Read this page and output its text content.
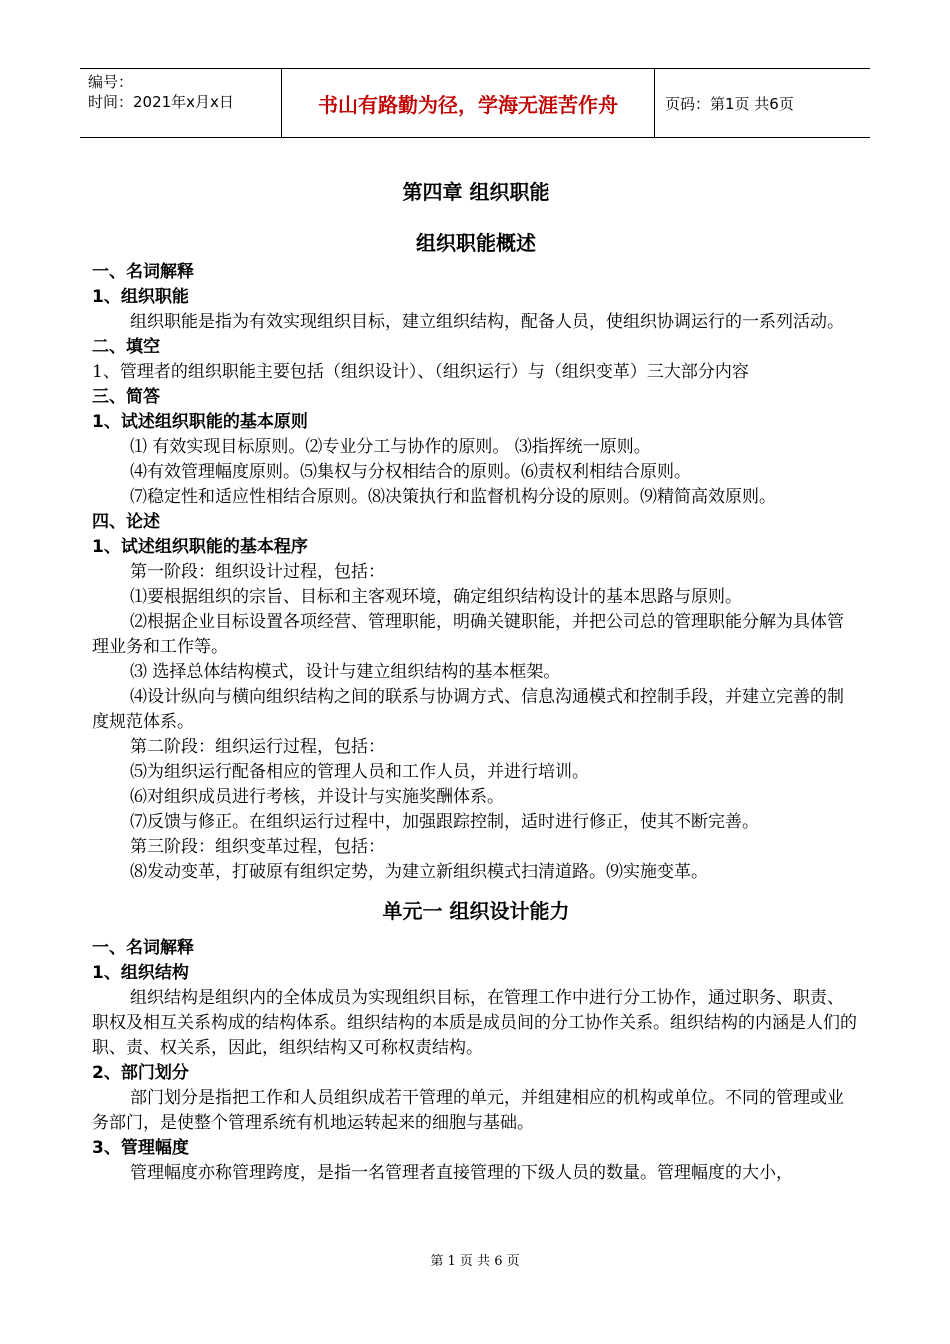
编号：
时间：2021年x月x日	书山有路勤为径，学海无涯苦作舟	页码：第1页 共6页

第四章 组织职能

组织职能概述

一、名词解释

1、组织职能

组织职能是指为有效实现组织目标，建立组织结构，配备人员，使组织协调运行的一系列活动。

二、填空

1、管理者的组织职能主要包括（组织设计）、（组织运行）与（组织变革）三大部分内容

三、简答

1、试述组织职能的基本原则

⑴ 有效实现目标原则。⑵专业分工与协作的原则。 ⑶指挥统一原则。

⑷有效管理幅度原则。⑸集权与分权相结合的原则。⑹责权利相结合原则。

⑺稳定性和适应性相结合原则。⑻决策执行和监督机构分设的原则。⑼精简高效原则。

四、论述

1、试述组织职能的基本程序

第一阶段：组织设计过程，包括：

⑴要根据组织的宗旨、目标和主客观环境，确定组织结构设计的基本思路与原则。

⑵根据企业目标设置各项经营、管理职能，明确关键职能，并把公司总的管理职能分解为具体管理业务和工作等。

⑶ 选择总体结构模式，设计与建立组织结构的基本框架。

⑷设计纵向与横向组织结构之间的联系与协调方式、信息沟通模式和控制手段，并建立完善的制度规范体系。

第二阶段：组织运行过程，包括：

⑸为组织运行配备相应的管理人员和工作人员，并进行培训。

⑹对组织成员进行考核，并设计与实施奖酬体系。

⑺反馈与修正。在组织运行过程中，加强跟踪控制，适时进行修正，使其不断完善。

第三阶段：组织变革过程，包括：

⑻发动变革，打破原有组织定势，为建立新组织模式扫清道路。⑼实施变革。

单元一 组织设计能力

一、名词解释

1、组织结构

组织结构是组织内的全体成员为实现组织目标，在管理工作中进行分工协作，通过职务、职责、职权及相互关系构成的结构体系。组织结构的本质是成员间的分工协作关系。组织结构的内涵是人们的职、责、权关系，因此，组织结构又可称权责结构。

2、部门划分

部门划分是指把工作和人员组织成若干管理的单元，并组建相应的机构或单位。不同的管理或业务部门，是使整个管理系统有机地运转起来的细胞与基础。

3、管理幅度

管理幅度亦称管理跨度，是指一名管理者直接管理的下级人员的数量。管理幅度的大小，

第 1 页 共 6 页
